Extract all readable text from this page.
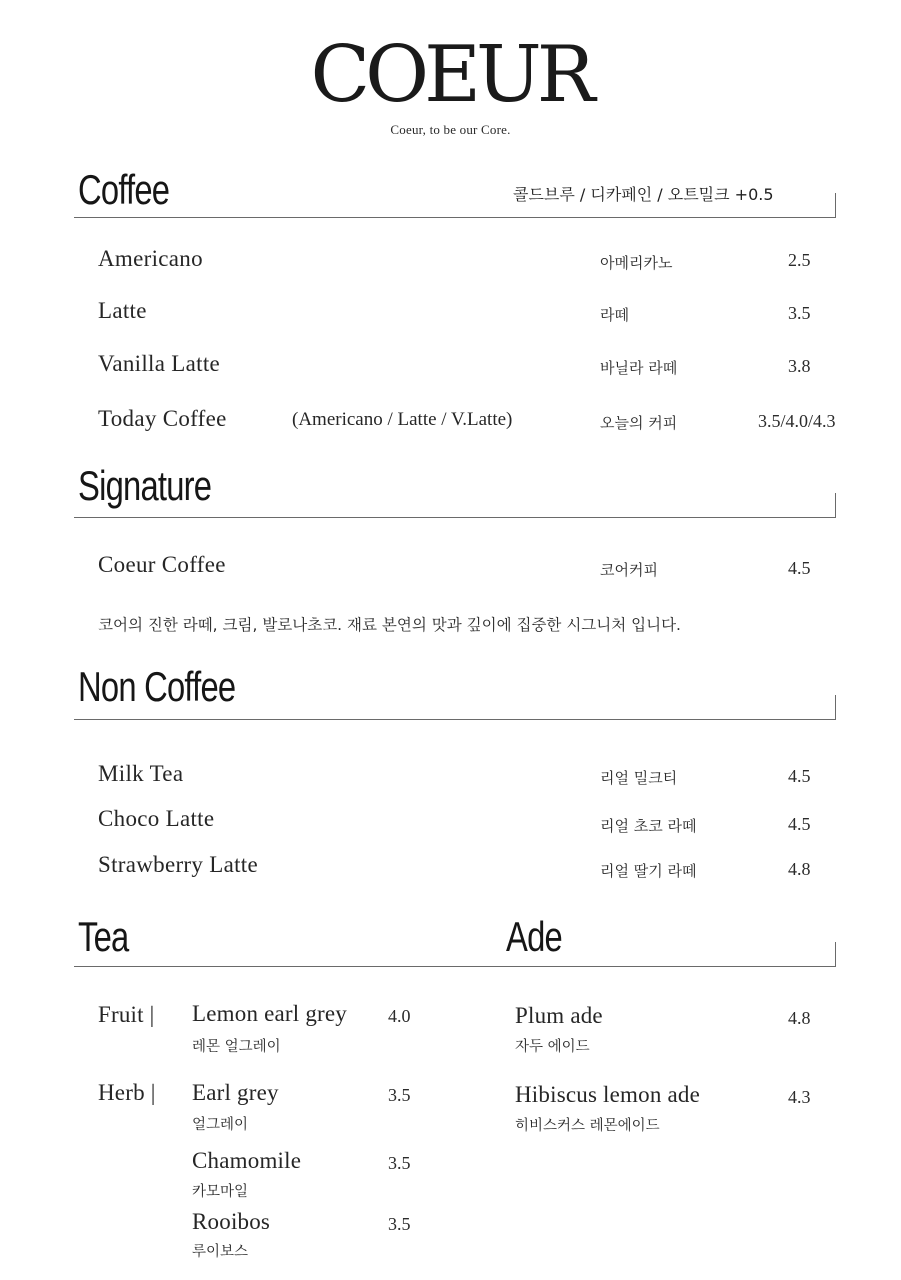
COEUR
Coeur, to be our Core.
Coffee	콜드브루 / 디카페인 / 오트밀크 +0.5
Americano	아메리카노	2.5
Latte	라떼	3.5
Vanilla Latte	바닐라 라떼	3.8
Today Coffee	(Americano / Latte / V.Latte)	오늘의 커피	3.5/4.0/4.3
Signature
Coeur Coffee	코어커피	4.5
코어의 진한 라떼, 크림, 발로나초코. 재료 본연의 맛과 깊이에 집중한 시그니처 입니다.
Non Coffee
Milk Tea	리얼 밀크티	4.5
Choco Latte	리얼 초코 라떼	4.5
Strawberry Latte	리얼 딸기 라떼	4.8
Tea	Ade
Fruit | Lemon earl grey 4.0
레몬 얼그레이
Herb | Earl grey	3.5
얼그레이
Chamomile	3.5
카모마일
Rooibos	3.5
루이보스
Plum ade	4.8
자두 에이드
Hibiscus lemon ade	4.3
히비스커스 레몬에이드
